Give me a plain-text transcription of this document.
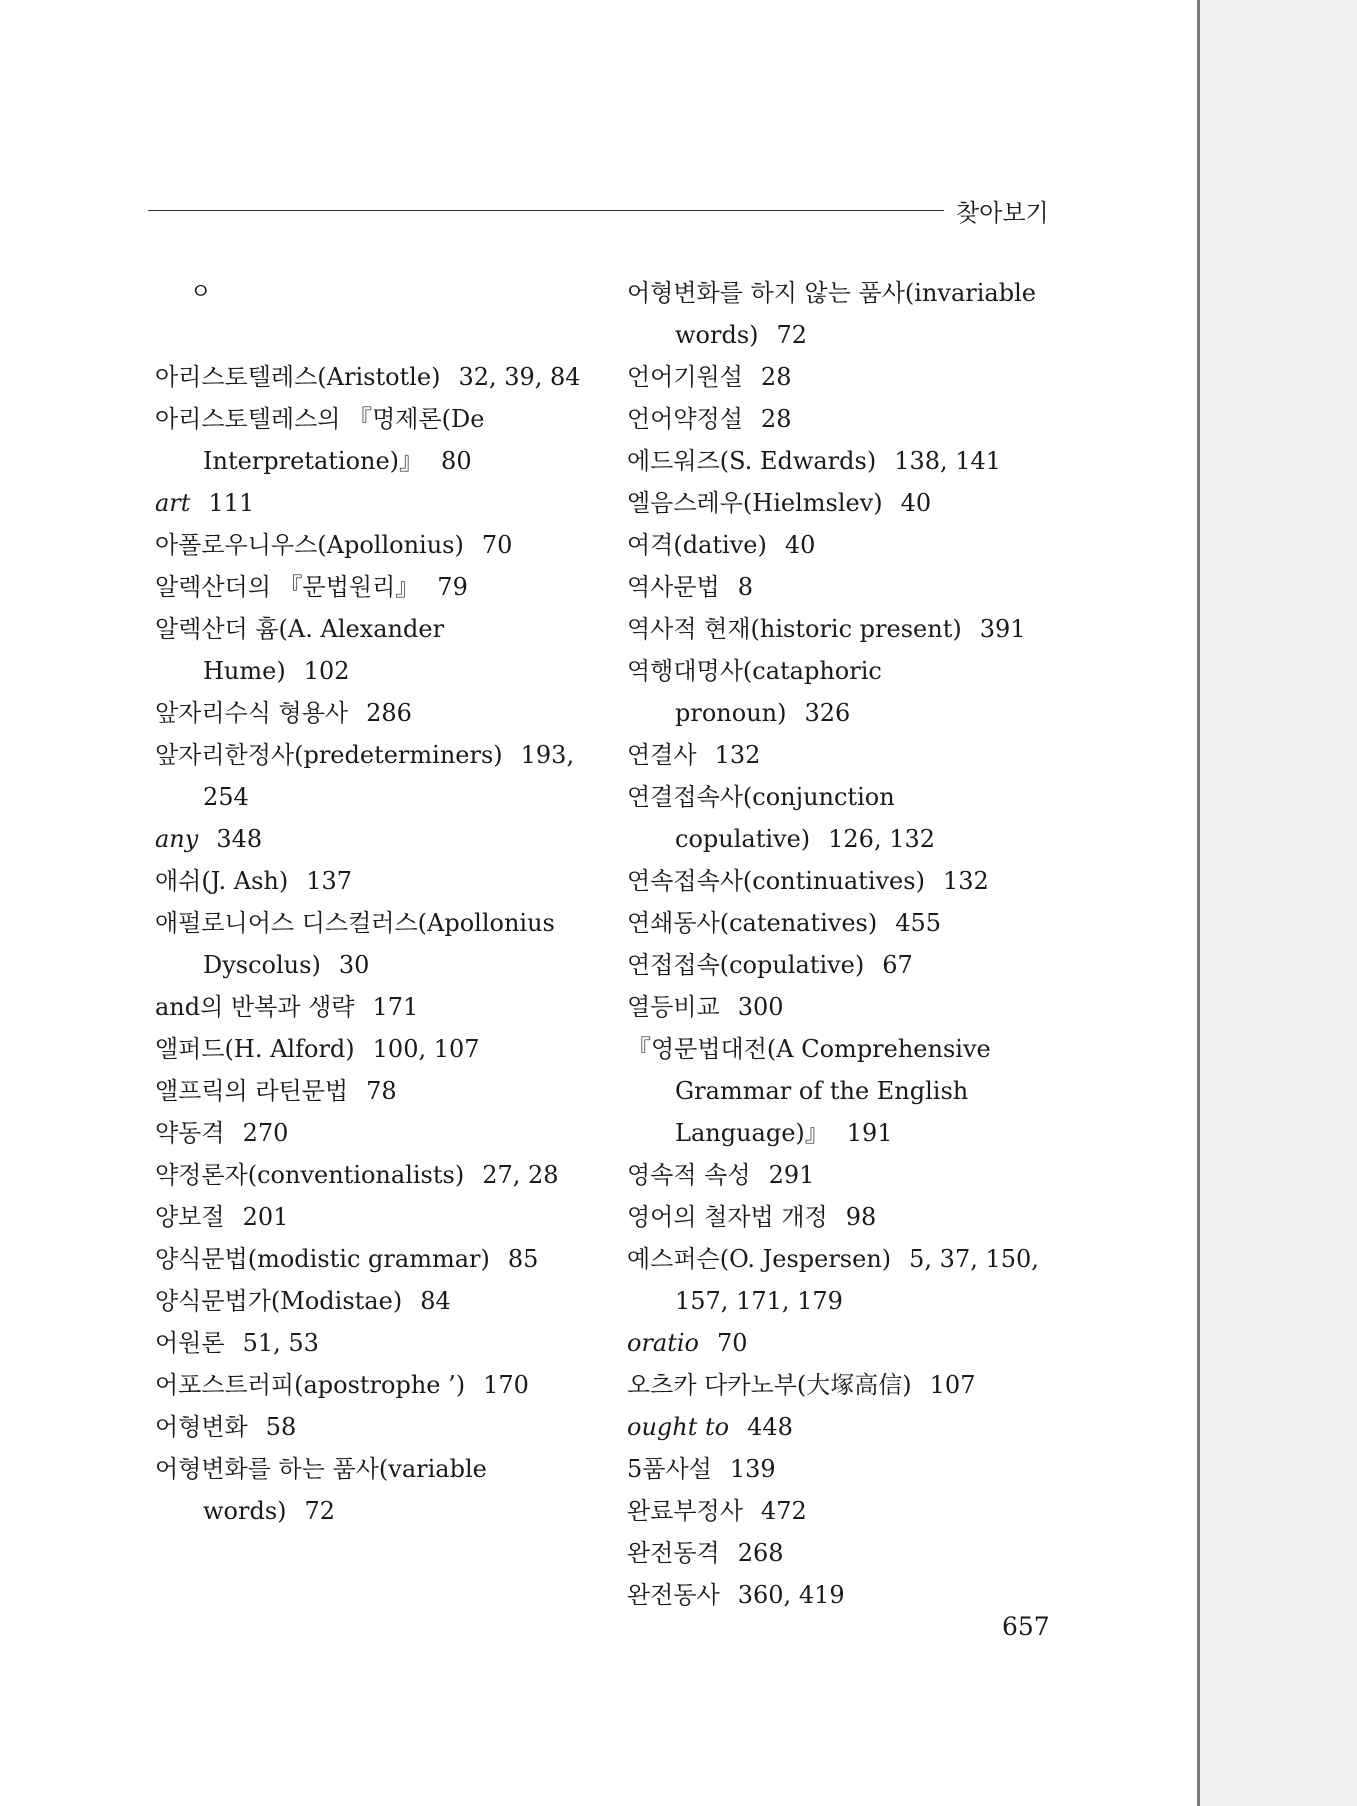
찾아보기
ㅇ
아리스토텔레스(Aristotle) 32, 39, 84
아리스토텔레스의 『명제론(De Interpretatione)』 80
art 111
아폴로우니우스(Apollonius) 70
알렉산더의 『문법원리』 79
알렉산더 흄(A. Alexander Hume) 102
앞자리수식 형용사 286
앞자리한정사(predeterminers) 193, 254
any 348
애쉬(J. Ash) 137
애펄로니어스 디스컬러스(Apollonius Dyscolus) 30
and의 반복과 생략 171
앨퍼드(H. Alford) 100, 107
앨프릭의 라틴문법 78
약동격 270
약정론자(conventionalists) 27, 28
양보절 201
양식문법(modistic grammar) 85
양식문법가(Modistae) 84
어원론 51, 53
어포스트러피(apostrophe ’) 170
어형변화 58
어형변화를 하는 품사(variable words) 72
어형변화를 하지 않는 품사(invariable words) 72
언어기원설 28
언어약정설 28
에드워즈(S. Edwards) 138, 141
엘음스레우(Hielmslev) 40
여격(dative) 40
역사문법 8
역사적 현재(historic present) 391
역행대명사(cataphoric pronoun) 326
연결사 132
연결접속사(conjunction copulative) 126, 132
연속접속사(continuatives) 132
연쇄동사(catenatives) 455
연접접속(copulative) 67
열등비교 300
『영문법대전(A Comprehensive Grammar of the English Language)』 191
영속적 속성 291
영어의 철자법 개정 98
예스퍼슨(O. Jespersen) 5, 37, 150, 157, 171, 179
oratio 70
오츠카 다카노부(大塚高信) 107
ought to 448
5품사설 139
완료부정사 472
완전동격 268
완전동사 360, 419
657
